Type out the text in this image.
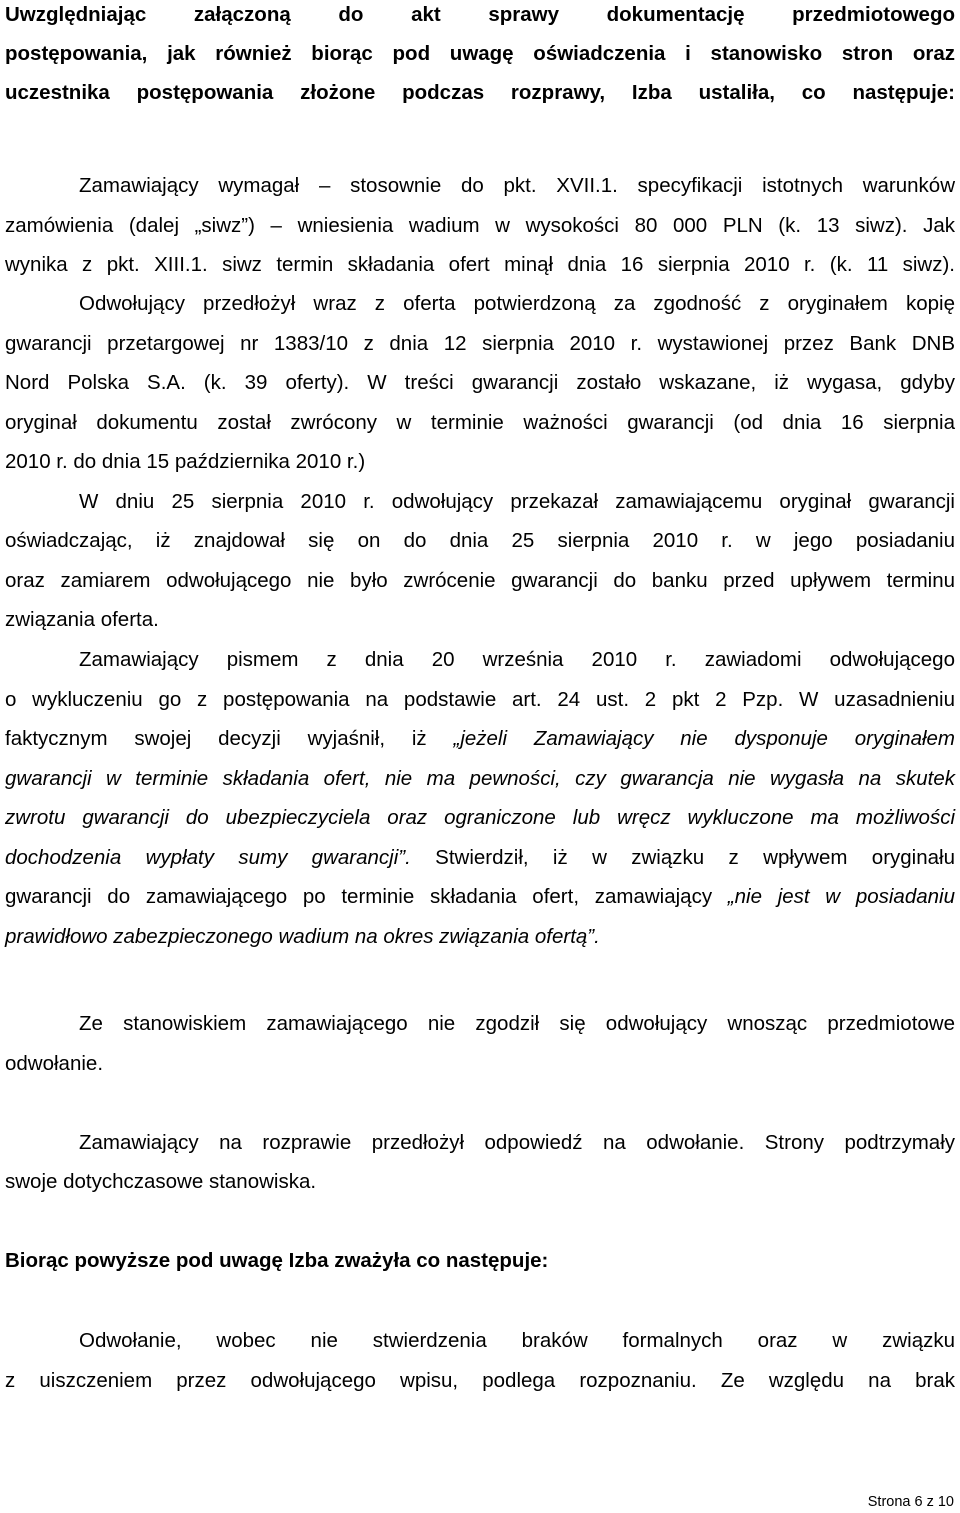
Uwzględniając załączoną do akt sprawy dokumentację przedmiotowego
postępowania, jak również biorąc pod uwagę oświadczenia i stanowisko stron oraz
uczestnika postępowania złożone podczas rozprawy, Izba ustaliła, co następuje:
Zamawiający wymagał – stosownie do pkt. XVII.1. specyfikacji istotnych warunków
zamówienia (dalej „siwz”) – wniesienia wadium w wysokości 80 000 PLN (k. 13 siwz). Jak
wynika z pkt. XIII.1. siwz termin składania ofert minął dnia 16 sierpnia 2010 r. (k. 11 siwz).
Odwołujący przedłożył wraz z oferta potwierdzoną za zgodność z oryginałem kopię
gwarancji przetargowej nr 1383/10 z dnia 12 sierpnia 2010 r. wystawionej przez Bank DNB
Nord Polska S.A. (k. 39 oferty). W treści gwarancji zostało wskazane, iż wygasa, gdyby
oryginał dokumentu został zwrócony w terminie ważności gwarancji (od dnia 16 sierpnia
2010 r. do dnia 15 października 2010 r.)
W dniu 25 sierpnia 2010 r. odwołujący przekazał zamawiającemu oryginał gwarancji
oświadczając, iż znajdował się on do dnia 25 sierpnia 2010 r. w jego posiadaniu
oraz zamiarem odwołującego nie było zwrócenie gwarancji do banku przed upływem terminu
związania oferta.
Zamawiający pismem z dnia 20 września 2010 r. zawiadomi odwołującego
o wykluczeniu go z postępowania na podstawie art. 24 ust. 2 pkt 2 Pzp. W uzasadnieniu
faktycznym swojej decyzji wyjaśnił, iż „jeżeli Zamawiający nie dysponuje oryginałem
gwarancji w terminie składania ofert, nie ma pewności, czy gwarancja nie wygasła na skutek
zwrotu gwarancji do ubezpieczyciela oraz ograniczone lub wręcz wykluczone ma możliwości
dochodzenia wypłaty sumy gwarancji”. Stwierdził, iż w związku z wpływem oryginału
gwarancji do zamawiającego po terminie składania ofert, zamawiający „nie jest w posiadaniu
prawidłowo zabezpieczonego wadium na okres związania ofertą”.
Ze stanowiskiem zamawiającego nie zgodził się odwołujący wnosząc przedmiotowe
odwołanie.
Zamawiający na rozprawie przedłożył odpowiedź na odwołanie. Strony podtrzymały
swoje dotychczasowe stanowiska.
Biorąc powyższe pod uwagę Izba zważyła co następuje:
Odwołanie, wobec nie stwierdzenia braków formalnych oraz w związku
z uiszczeniem przez odwołującego wpisu, podlega rozpoznaniu. Ze względu na brak
Strona 6 z 10
